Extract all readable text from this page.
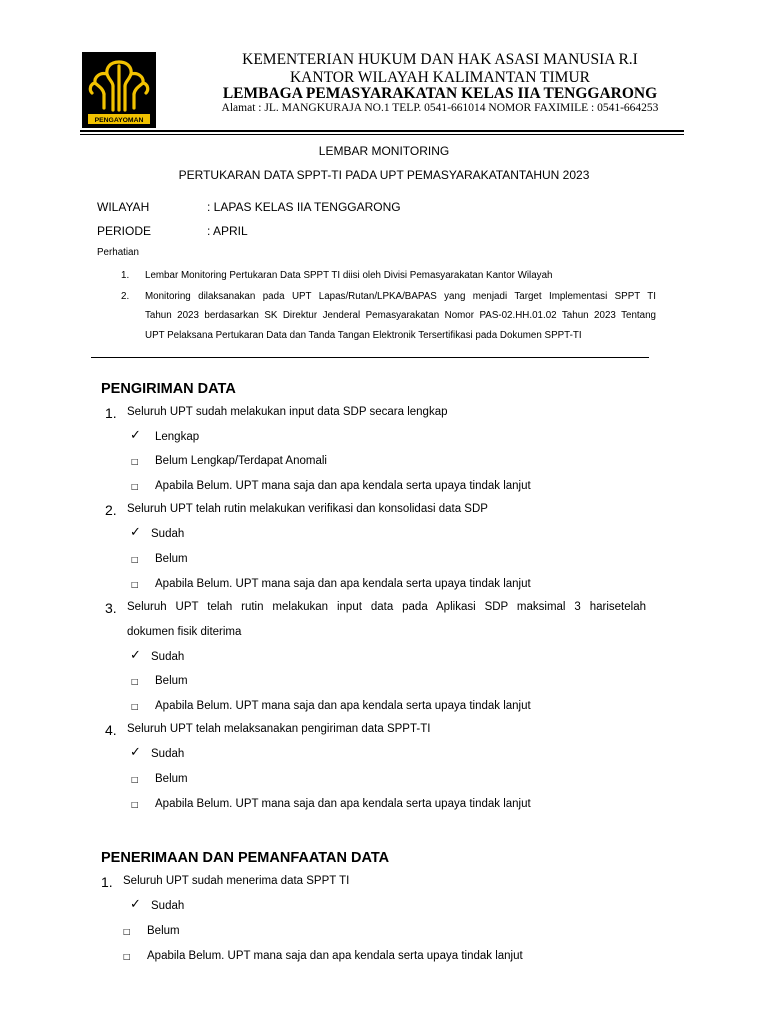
PENGAYOMAN
KEMENTERIAN HUKUM DAN HAK ASASI MANUSIA R.I
KANTOR WILAYAH KALIMANTAN TIMUR
LEMBAGA PEMASYARAKATAN KELAS IIA TENGGARONG
Alamat : JL. MANGKURAJA NO.1 TELP. 0541-661014 NOMOR FAXIMILE : 0541-664253
LEMBAR MONITORING
PERTUKARAN DATA SPPT-TI PADA UPT PEMASYARAKATANTAHUN 2023
WILAYAH	: LAPAS KELAS IIA TENGGARONG
PERIODE	: APRIL
Perhatian
1. Lembar Monitoring Pertukaran Data SPPT TI diisi oleh Divisi Pemasyarakatan Kantor Wilayah
2. Monitoring dilaksanakan pada UPT Lapas/Rutan/LPKA/BAPAS yang menjadi Target Implementasi SPPT TI
Tahun 2023 berdasarkan SK Direktur Jenderal Pemasyarakatan Nomor PAS-02.HH.01.02 Tahun 2023 Tentang
UPT Pelaksana Pertukaran Data dan Tanda Tangan Elektronik Tersertifikasi pada Dokumen SPPT-TI
PENGIRIMAN DATA
1. Seluruh UPT sudah melakukan input data SDP secara lengkap
✓ Lengkap
□ Belum Lengkap/Terdapat Anomali
□ Apabila Belum. UPT mana saja dan apa kendala serta upaya tindak lanjut
2. Seluruh UPT telah rutin melakukan verifikasi dan konsolidasi data SDP
✓ Sudah
□ Belum
□ Apabila Belum. UPT mana saja dan apa kendala serta upaya tindak lanjut
3. Seluruh UPT telah rutin melakukan input data pada Aplikasi SDP maksimal 3 harisetelah
dokumen fisik diterima
✓ Sudah
□ Belum
□ Apabila Belum. UPT mana saja dan apa kendala serta upaya tindak lanjut
4. Seluruh UPT telah melaksanakan pengiriman data SPPT-TI
✓ Sudah
□ Belum
□ Apabila Belum. UPT mana saja dan apa kendala serta upaya tindak lanjut
PENERIMAAN DAN PEMANFAATAN DATA
1. Seluruh UPT sudah menerima data SPPT TI
✓ Sudah
□ Belum
□ Apabila Belum. UPT mana saja dan apa kendala serta upaya tindak lanjut
